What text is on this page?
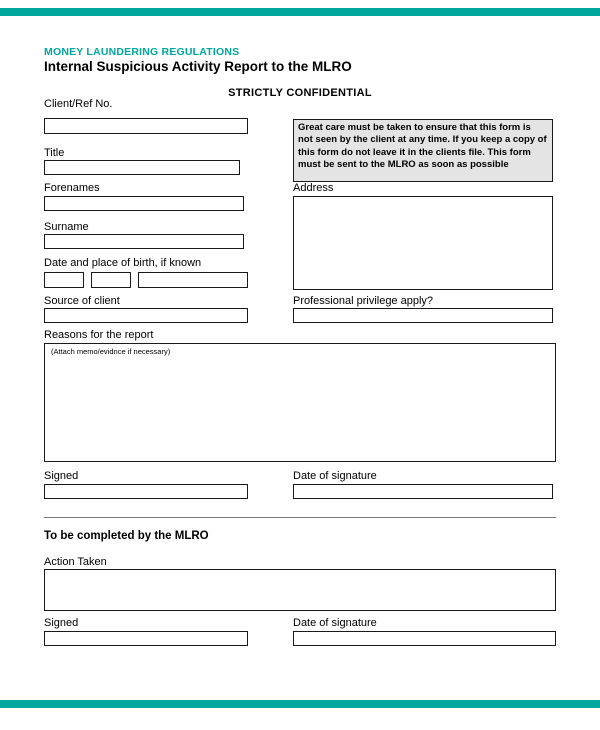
MONEY LAUNDERING REGULATIONS
Internal Suspicious Activity Report to the MLRO
STRICTLY CONFIDENTIAL
Client/Ref No.
Great care must be taken to ensure that this form is not seen by the client at any time. If you keep a copy of this form do not leave it in the clients file. This form must be sent to the MLRO as soon as possible
Title
Forenames	Address
Surname
Date and place of birth, if known
Source of client	Professional privilege apply?
Reasons for the report
(Attach memo/evidnce if necessary)
Signed	Date of signature
To be completed by the MLRO
Action Taken
Signed	Date of signature
